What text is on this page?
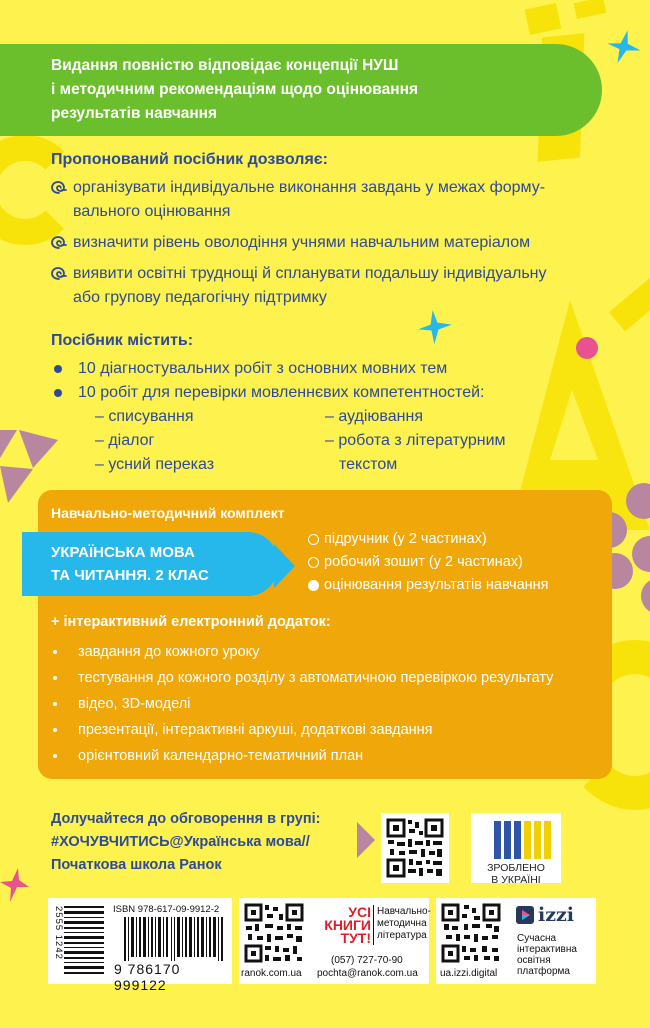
Видання повністю відповідає концепції НУШ

і методичним рекомендаціям щодо оцінювання

результатів навчання

Пропонований посібник дозволяє:
організувати індивідуальне виконання завдань у межах форму-
вального оцінювання
визначити рівень оволодіння учнями навчальним матеріалом
виявити освітні труднощі й спланувати подальшу індивідуальну
або групову педагогічну підтримку
Посібник містить:
10 діагностувальних робіт з основних мовних тем
10 робіт для перевірки мовленнєвих компетентностей:
– списування	– аудіювання
– діалог	– робота з літературним
– усний переказ	текстом
Навчально-методичний комплект
УКРАЇНСЬКА МОВА
ТА ЧИТАННЯ. 2 КЛАС
підручник (у 2 частинах)
робочий зошит (у 2 частинах)
оцінювання результатів навчання
+ інтерактивний електронний додаток:
завдання до кожного уроку
тестування до кожного розділу з автоматичною перевіркою результату
відео, 3D-моделі
презентації, інтерактивні аркуші, додаткові завдання
орієнтовний календарно-тематичний план
Долучайтеся до обговорення в групі:
#ХОЧУВЧИТИСЬ@Українська мова//
Початкова школа Ранок	ЗРОБЛЕНО
В УКРАЇНІ
2555 1242	ISBN 978-617-09-9912-2
9 786170 999122
УСІ
КНИГИ
ТУТ!
Навчально-
методична
література
(057) 727-70-90
ranok.com.ua pochta@ranok.com.ua
izzi
Сучасна
інтерактивна
освітня
платформа
ua.izzi.digital
